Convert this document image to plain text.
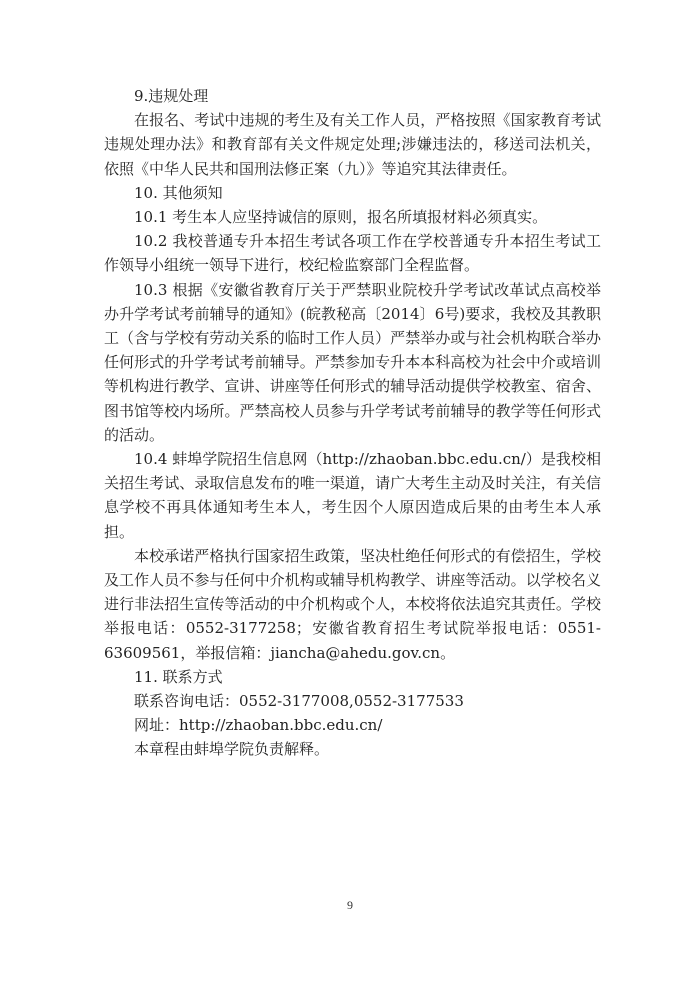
9.违规处理

在报名、考试中违规的考生及有关工作人员，严格按照《国家教育考试违规处理办法》和教育部有关文件规定处理;涉嫌违法的，移送司法机关，依照《中华人民共和国刑法修正案（九）》等追究其法律责任。

10. 其他须知

10.1 考生本人应坚持诚信的原则，报名所填报材料必须真实。

10.2 我校普通专升本招生考试各项工作在学校普通专升本招生考试工作领导小组统一领导下进行，校纪检监察部门全程监督。

10.3 根据《安徽省教育厅关于严禁职业院校升学考试改革试点高校举办升学考试考前辅导的通知》(皖教秘高〔2014〕6号)要求，我校及其教职工（含与学校有劳动关系的临时工作人员）严禁举办或与社会机构联合举办任何形式的升学考试考前辅导。严禁参加专升本本科高校为社会中介或培训等机构进行教学、宣讲、讲座等任何形式的辅导活动提供学校教室、宿舍、图书馆等校内场所。严禁高校人员参与升学考试考前辅导的教学等任何形式的活动。

10.4 蚌埠学院招生信息网（http://zhaoban.bbc.edu.cn/）是我校相关招生考试、录取信息发布的唯一渠道，请广大考生主动及时关注，有关信息学校不再具体通知考生本人，考生因个人原因造成后果的由考生本人承担。

本校承诺严格执行国家招生政策，坚决杜绝任何形式的有偿招生，学校及工作人员不参与任何中介机构或辅导机构教学、讲座等活动。以学校名义进行非法招生宣传等活动的中介机构或个人，本校将依法追究其责任。学校举报电话：0552-3177258；安徽省教育招生考试院举报电话：0551-63609561，举报信箱：jiancha@ahedu.gov.cn。

11. 联系方式

联系咨询电话：0552-3177008,0552-3177533

网址：http://zhaoban.bbc.edu.cn/

本章程由蚌埠学院负责解释。

9
